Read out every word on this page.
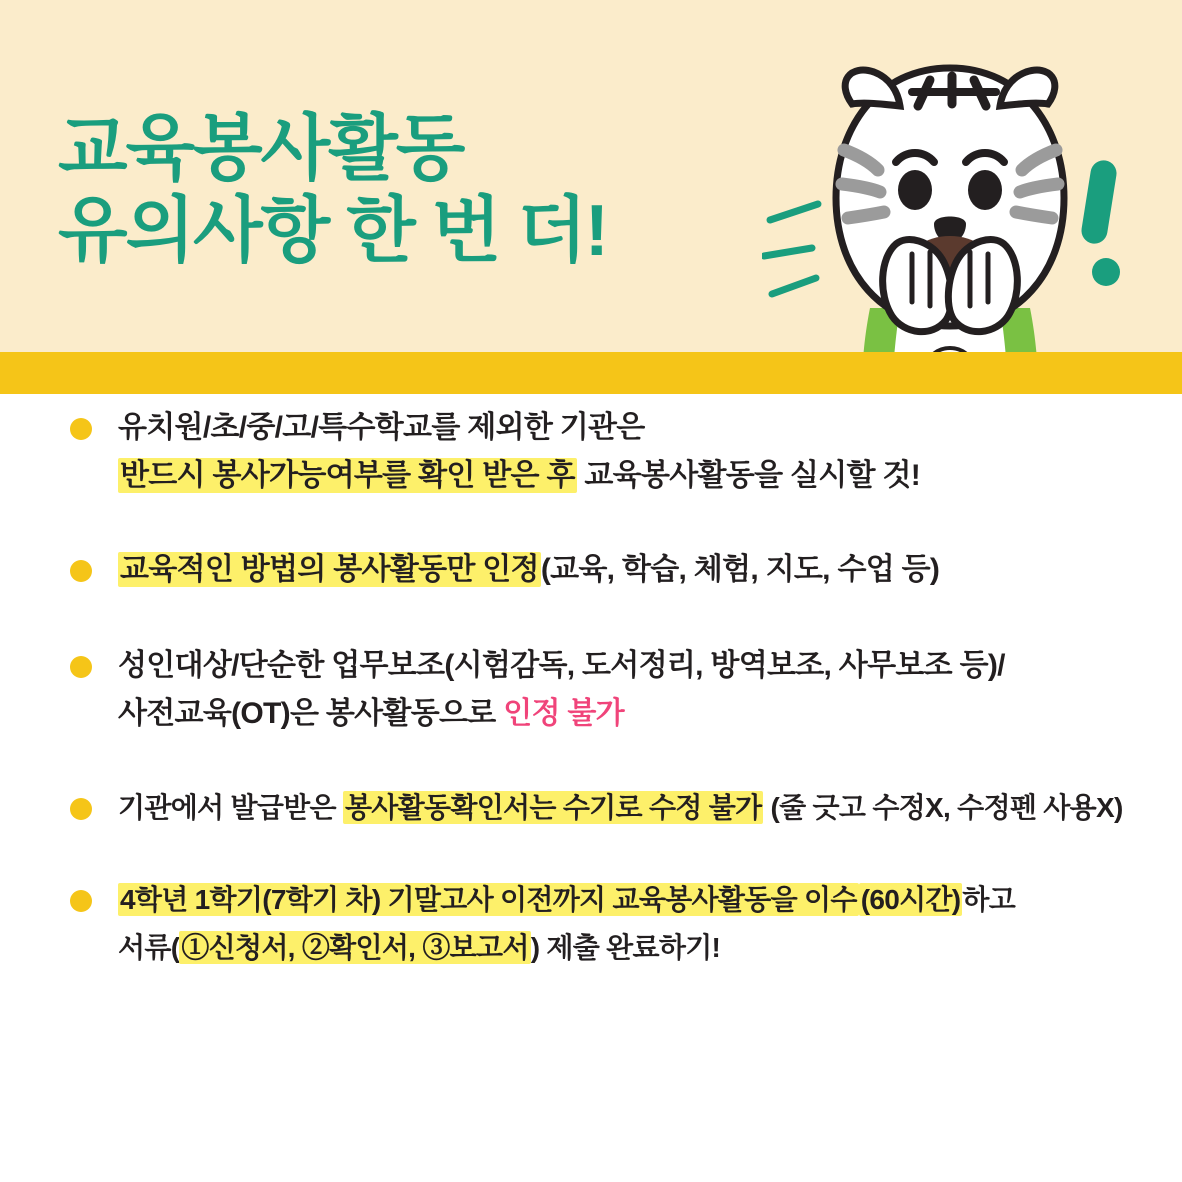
교육봉사활동
유의사항 한 번 더!
유치원/초/중/고/특수학교를 제외한 기관은
반드시 봉사가능여부를 확인 받은 후 교육봉사활동을 실시할 것!
교육적인 방법의 봉사활동만 인정(교육, 학습, 체험, 지도, 수업 등)
성인대상/단순한 업무보조(시험감독, 도서정리, 방역보조, 사무보조 등)/
사전교육(OT)은 봉사활동으로 인정 불가
기관에서 발급받은 봉사활동확인서는 수기로 수정 불가 (줄 긋고 수정X, 수정펜 사용X)
4학년 1학기(7학기 차) 기말고사 이전까지 교육봉사활동을 이수 (60시간)하고
서류(①신청서, ②확인서, ③보고서) 제출 완료하기!
